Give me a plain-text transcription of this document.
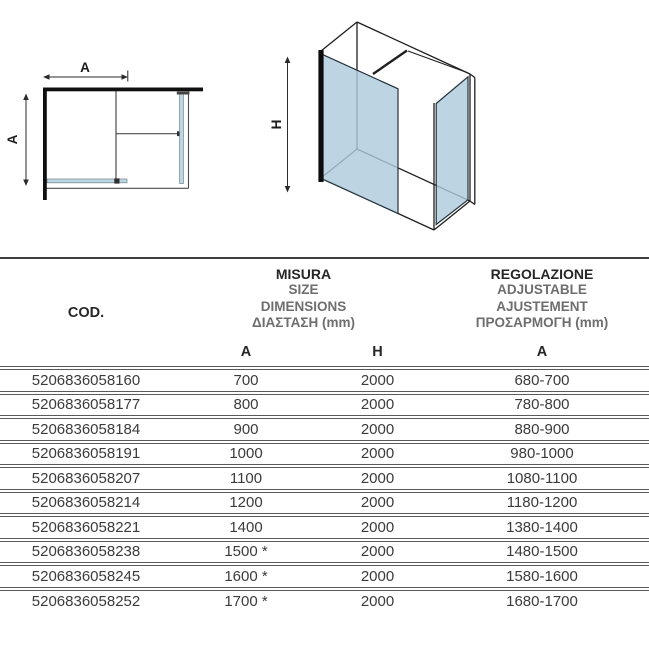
A
A
H
COD.	
MISURA
SIZE
DIMENSIONS
ΔΙΑΣΤΑΣΗ (mm)

REGOLAZIONE
ADJUSTABLE
AJUSTEMENT
ΠΡΟΣΑΡΜΟΓΗ (mm)

	A	H	A
5206836058160	700	2000	680-700
5206836058177	800	2000	780-800
5206836058184	900	2000	880-900
5206836058191	1000	2000	980-1000
5206836058207	1100	2000	1080-1100
5206836058214	1200	2000	1180-1200
5206836058221	1400	2000	1380-1400
5206836058238	1500 *	2000	1480-1500
5206836058245	1600 *	2000	1580-1600
5206836058252	1700 *	2000	1680-1700
